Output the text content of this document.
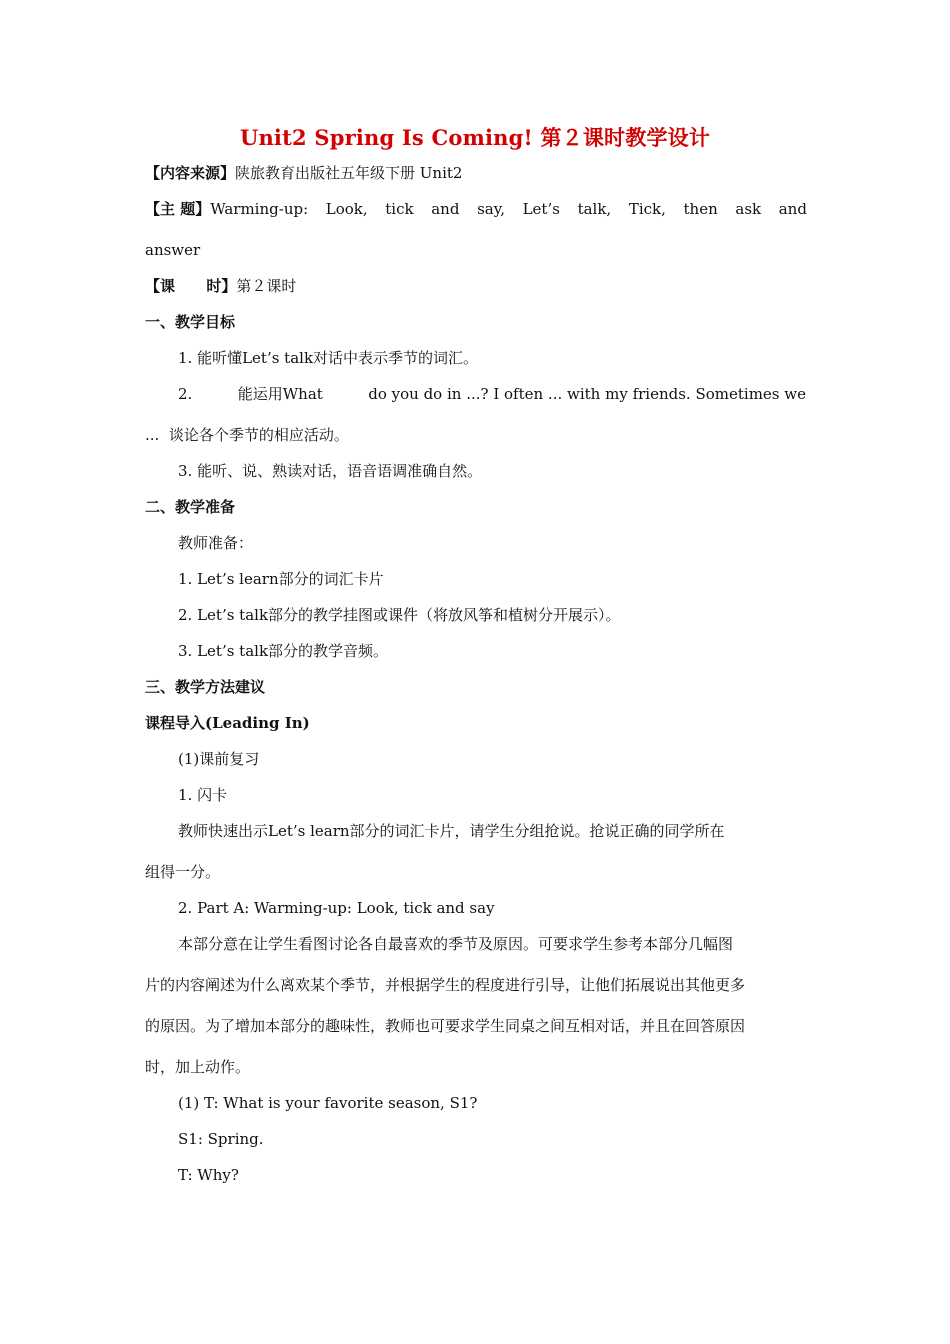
Unit2 Spring Is Coming! 第２课时教学设计
【内容来源】陕旅教育出版社五年级下册 Unit2
【主 题】Warming-up: Look, tick and say, Let’s talk, Tick, then ask and
answer
【课      时】第２课时
一、教学目标
1. 能听懂Let’s talk对话中表示季节的词汇。
2.	能运用What	do you do in ...? I often ... with my friends. Sometimes we
...  谈论各个季节的相应活动。
3. 能听、说、熟读对话，语音语调准确自然。
二、教学准备
教师准备：
1. Let’s learn部分的词汇卡片
2. Let’s talk部分的教学挂图或课件（将放风筝和植树分开展示）。
3. Let’s talk部分的教学音频。
三、教学方法建议
课程导入(Leading In)
(1)课前复习
1. 闪卡
教师快速出示Let’s learn部分的词汇卡片，请学生分组抢说。抢说正确的同学所在
组得一分。
2. Part A: Warming-up: Look, tick and say
本部分意在让学生看图讨论各自最喜欢的季节及原因。可要求学生参考本部分几幅图
片的内容阐述为什么离欢某个季节，并根据学生的程度进行引导，让他们拓展说出其他更多
的原因。为了增加本部分的趣味性，教师也可要求学生同桌之间互相对话，并且在回答原因
时，加上动作。
(1) T: What is your favorite season, S1?
S1: Spring.
T: Why?
